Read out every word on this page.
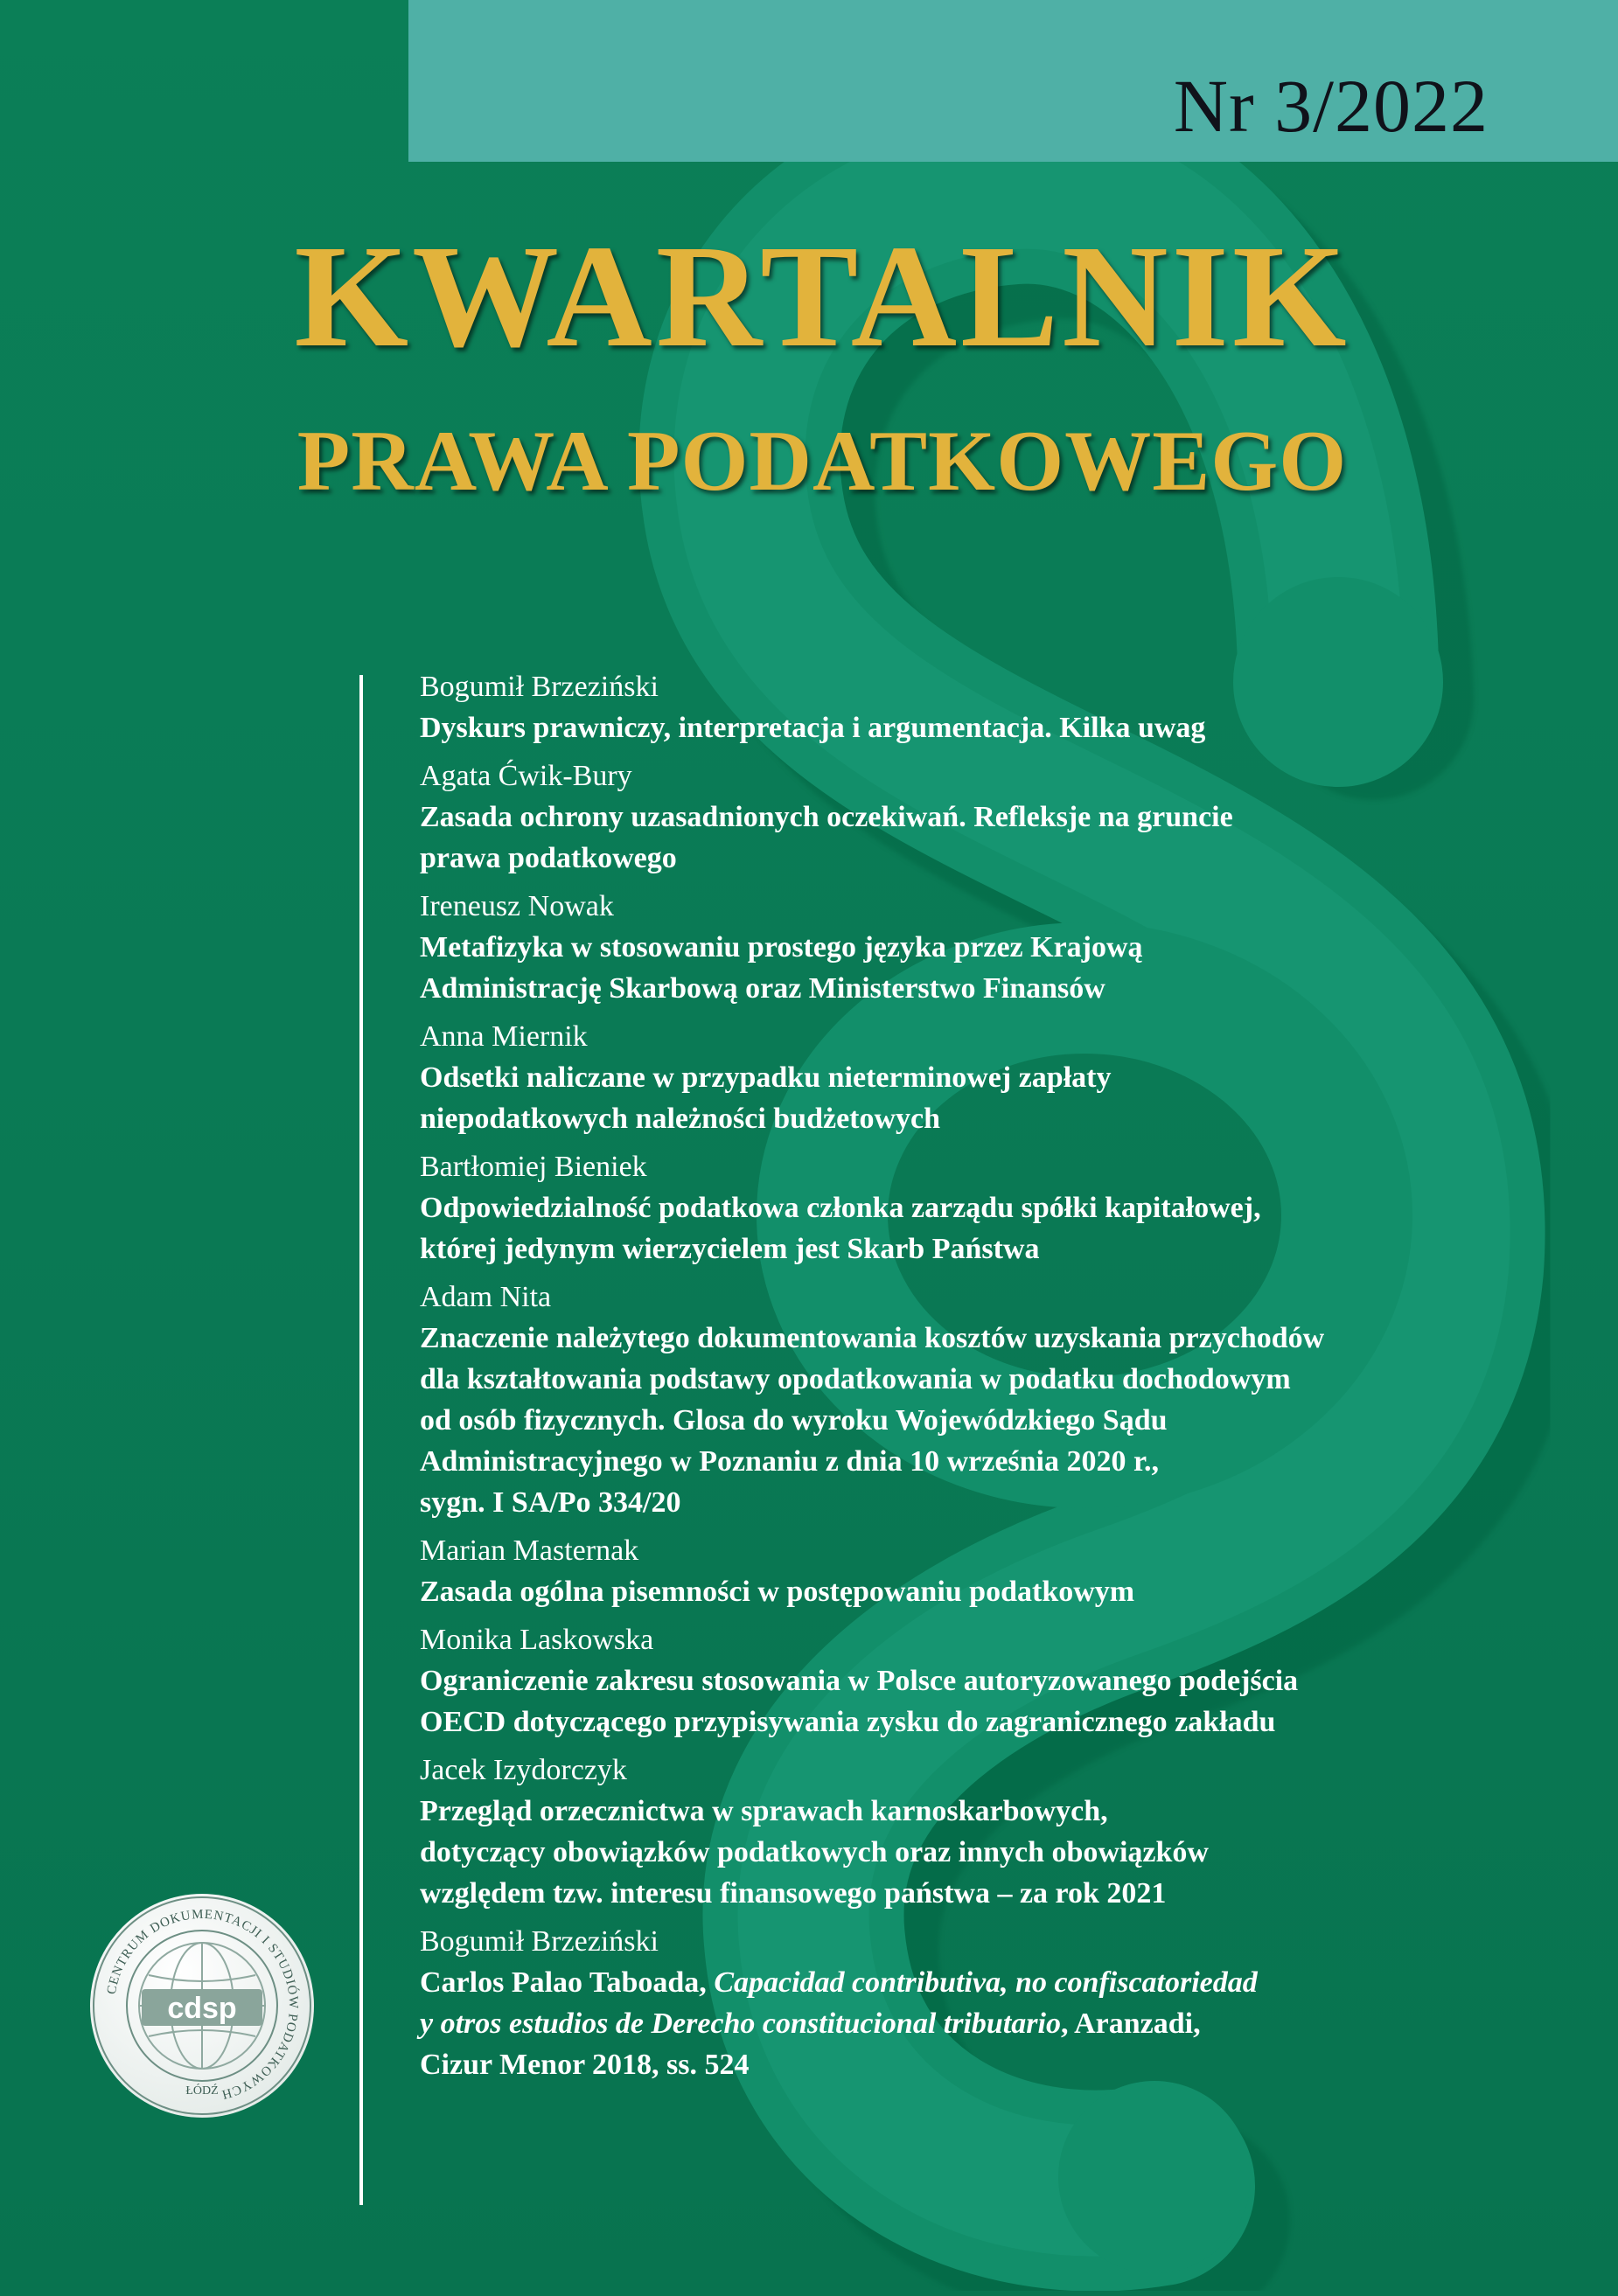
Nr 3/2022
KWARTALNIK
PRAWA PODATKOWEGO
Bogumił Brzeziński
Dyskurs prawniczy, interpretacja i argumentacja. Kilka uwag
Agata Ćwik-Bury
Zasada ochrony uzasadnionych oczekiwań. Refleksje na gruncie
prawa podatkowego
Ireneusz Nowak
Metafizyka w stosowaniu prostego języka przez Krajową
Administrację Skarbową oraz Ministerstwo Finansów
Anna Miernik
Odsetki naliczane w przypadku nieterminowej zapłaty
niepodatkowych należności budżetowych
Bartłomiej Bieniek
Odpowiedzialność podatkowa członka zarządu spółki kapitałowej,
której jedynym wierzycielem jest Skarb Państwa
Adam Nita
Znaczenie należytego dokumentowania kosztów uzyskania przychodów
dla kształtowania podstawy opodatkowania w podatku dochodowym
od osób fizycznych. Glosa do wyroku Wojewódzkiego Sądu
Administracyjnego w Poznaniu z dnia 10 września 2020 r.,
sygn. I SA/Po 334/20
Marian Masternak
Zasada ogólna pisemności w postępowaniu podatkowym
Monika Laskowska
Ograniczenie zakresu stosowania w Polsce autoryzowanego podejścia
OECD dotyczącego przypisywania zysku do zagranicznego zakładu
Jacek Izydorczyk
Przegląd orzecznictwa w sprawach karnoskarbowych,
dotyczący obowiązków podatkowych oraz innych obowiązków
względem tzw. interesu finansowego państwa – za rok 2021
Bogumił Brzeziński
Carlos Palao Taboada, Capacidad contributiva, no confiscatoriedad
y otros estudios de Derecho constitucional tributario, Aranzadi,
Cizur Menor 2018, ss. 524
CENTRUM DOKUMENTACJI I STUDIÓW PODATKOWYCH
cdsp
ŁÓDŹ
